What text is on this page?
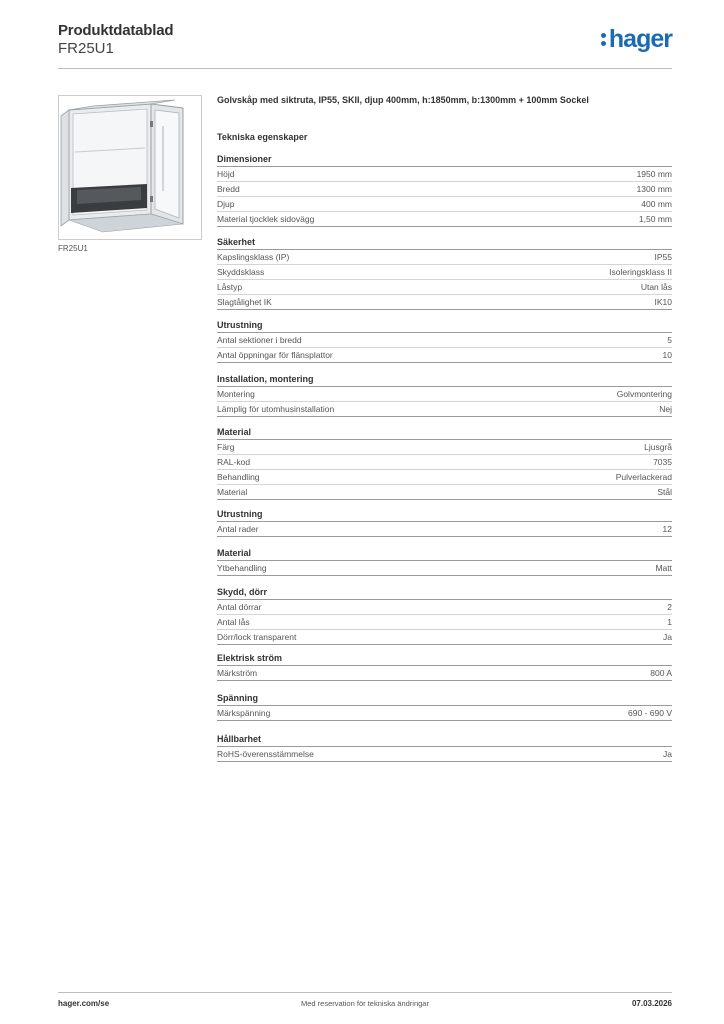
Produktdatablad
FR25U1	hager
FR25U1
Golvskåp med siktruta, IP55, SKII, djup 400mm, h:1850mm, b:1300mm + 100mm Sockel
Tekniska egenskaper
Dimensioner
Höjd	1950 mm
Bredd	1300 mm
Djup	400 mm
Material tjocklek sidovägg	1,50 mm
Säkerhet
Kapslingsklass (IP)	IP55
Skyddsklass	Isoleringsklass II
Låstyp	Utan lås
Slagtålighet IK	IK10
Utrustning
Antal sektioner i bredd	5
Antal öppningar för flänsplattor	10
Installation, montering
Montering	Golvmontering
Lämplig för utomhusinstallation	Nej
Material
Färg	Ljusgrå
RAL-kod	7035
Behandling	Pulverlackerad
Material	Stål
Utrustning
Antal rader	12
Material
Ytbehandling	Matt
Skydd, dörr
Antal dörrar	2
Antal lås	1
Dörr/lock transparent	Ja
Elektrisk ström
Märkström	800 A
Spänning
Märkspänning	690 - 690 V
Hållbarhet
RoHS-överensstämmelse	Ja
hager.com/se	Med reservation för tekniska ändringar	07.03.2026
